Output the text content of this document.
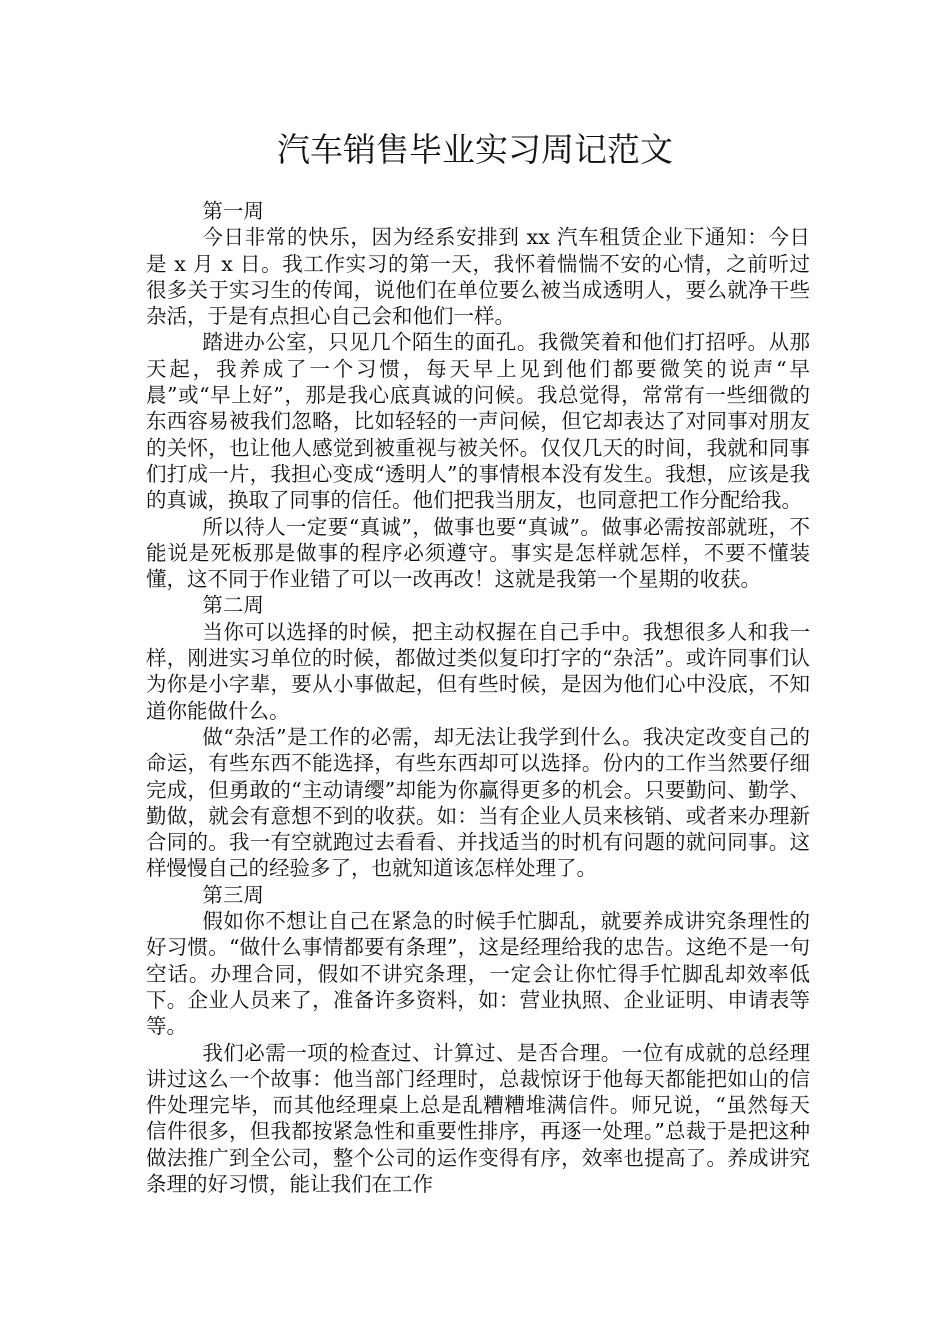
汽车销售毕业实习周记范文

第一周

今日非常的快乐，因为经系安排到 xx 汽车租赁企业下通知：今日是 x 月 x 日。我工作实习的第一天，我怀着惴惴不安的心情，之前听过很多关于实习生的传闻，说他们在单位要么被当成透明人，要么就净干些杂活，于是有点担心自己会和他们一样。

踏进办公室，只见几个陌生的面孔。我微笑着和他们打招呼。从那天起，我养成了一个习惯，每天早上见到他们都要微笑的说声“早晨”或“早上好”，那是我心底真诚的问候。我总觉得，常常有一些细微的东西容易被我们忽略，比如轻轻的一声问候，但它却表达了对同事对朋友的关怀，也让他人感觉到被重视与被关怀。仅仅几天的时间，我就和同事们打成一片，我担心变成“透明人”的事情根本没有发生。我想，应该是我的真诚，换取了同事的信任。他们把我当朋友，也同意把工作分配给我。

所以待人一定要“真诚”，做事也要“真诚”。做事必需按部就班，不能说是死板那是做事的程序必须遵守。事实是怎样就怎样，不要不懂装懂，这不同于作业错了可以一改再改！这就是我第一个星期的收获。

第二周

当你可以选择的时候，把主动权握在自己手中。我想很多人和我一样，刚进实习单位的时候，都做过类似复印打字的“杂活”。或许同事们认为你是小字辈，要从小事做起，但有些时候，是因为他们心中没底，不知道你能做什么。

做“杂活”是工作的必需，却无法让我学到什么。我决定改变自己的命运，有些东西不能选择，有些东西却可以选择。份内的工作当然要仔细完成，但勇敢的“主动请缨”却能为你赢得更多的机会。只要勤问、勤学、勤做，就会有意想不到的收获。如：当有企业人员来核销、或者来办理新合同的。我一有空就跑过去看看、并找适当的时机有问题的就问同事。这样慢慢自己的经验多了，也就知道该怎样处理了。

第三周

假如你不想让自己在紧急的时候手忙脚乱，就要养成讲究条理性的好习惯。“做什么事情都要有条理”，这是经理给我的忠告。这绝不是一句空话。办理合同，假如不讲究条理，一定会让你忙得手忙脚乱却效率低下。企业人员来了，准备许多资料，如：营业执照、企业证明、申请表等等。

我们必需一项的检查过、计算过、是否合理。一位有成就的总经理讲过这么一个故事：他当部门经理时，总裁惊讶于他每天都能把如山的信件处理完毕，而其他经理桌上总是乱糟糟堆满信件。师兄说，“虽然每天信件很多，但我都按紧急性和重要性排序，再逐一处理。”总裁于是把这种做法推广到全公司，整个公司的运作变得有序，效率也提高了。养成讲究条理的好习惯，能让我们在工作
